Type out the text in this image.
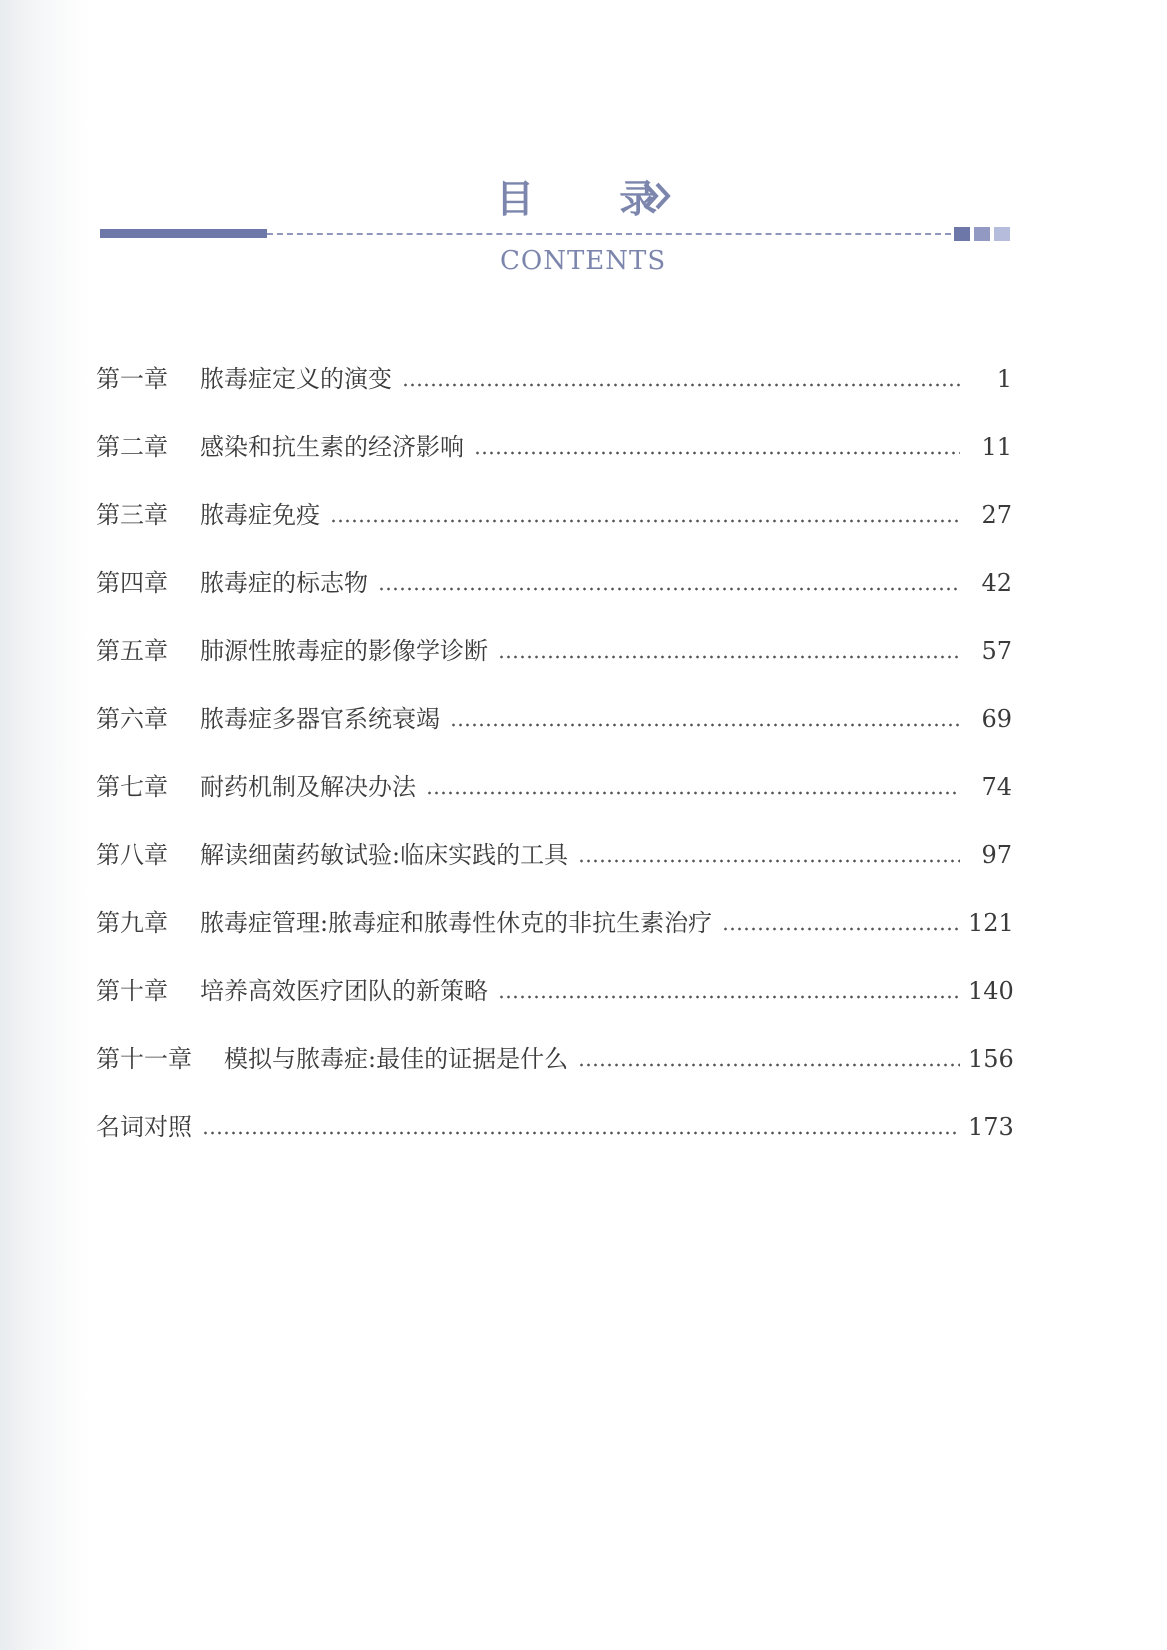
目 录
CONTENTS
第一章	脓毒症定义的演变	1
第二章	感染和抗生素的经济影响	11
第三章	脓毒症免疫	27
第四章	脓毒症的标志物	42
第五章	肺源性脓毒症的影像学诊断	57
第六章	脓毒症多器官系统衰竭	69
第七章	耐药机制及解决办法	74
第八章	解读细菌药敏试验:临床实践的工具	97
第九章	脓毒症管理:脓毒症和脓毒性休克的非抗生素治疗	121
第十章	培养高效医疗团队的新策略	140
第十一章	模拟与脓毒症:最佳的证据是什么	156
名词对照	173
